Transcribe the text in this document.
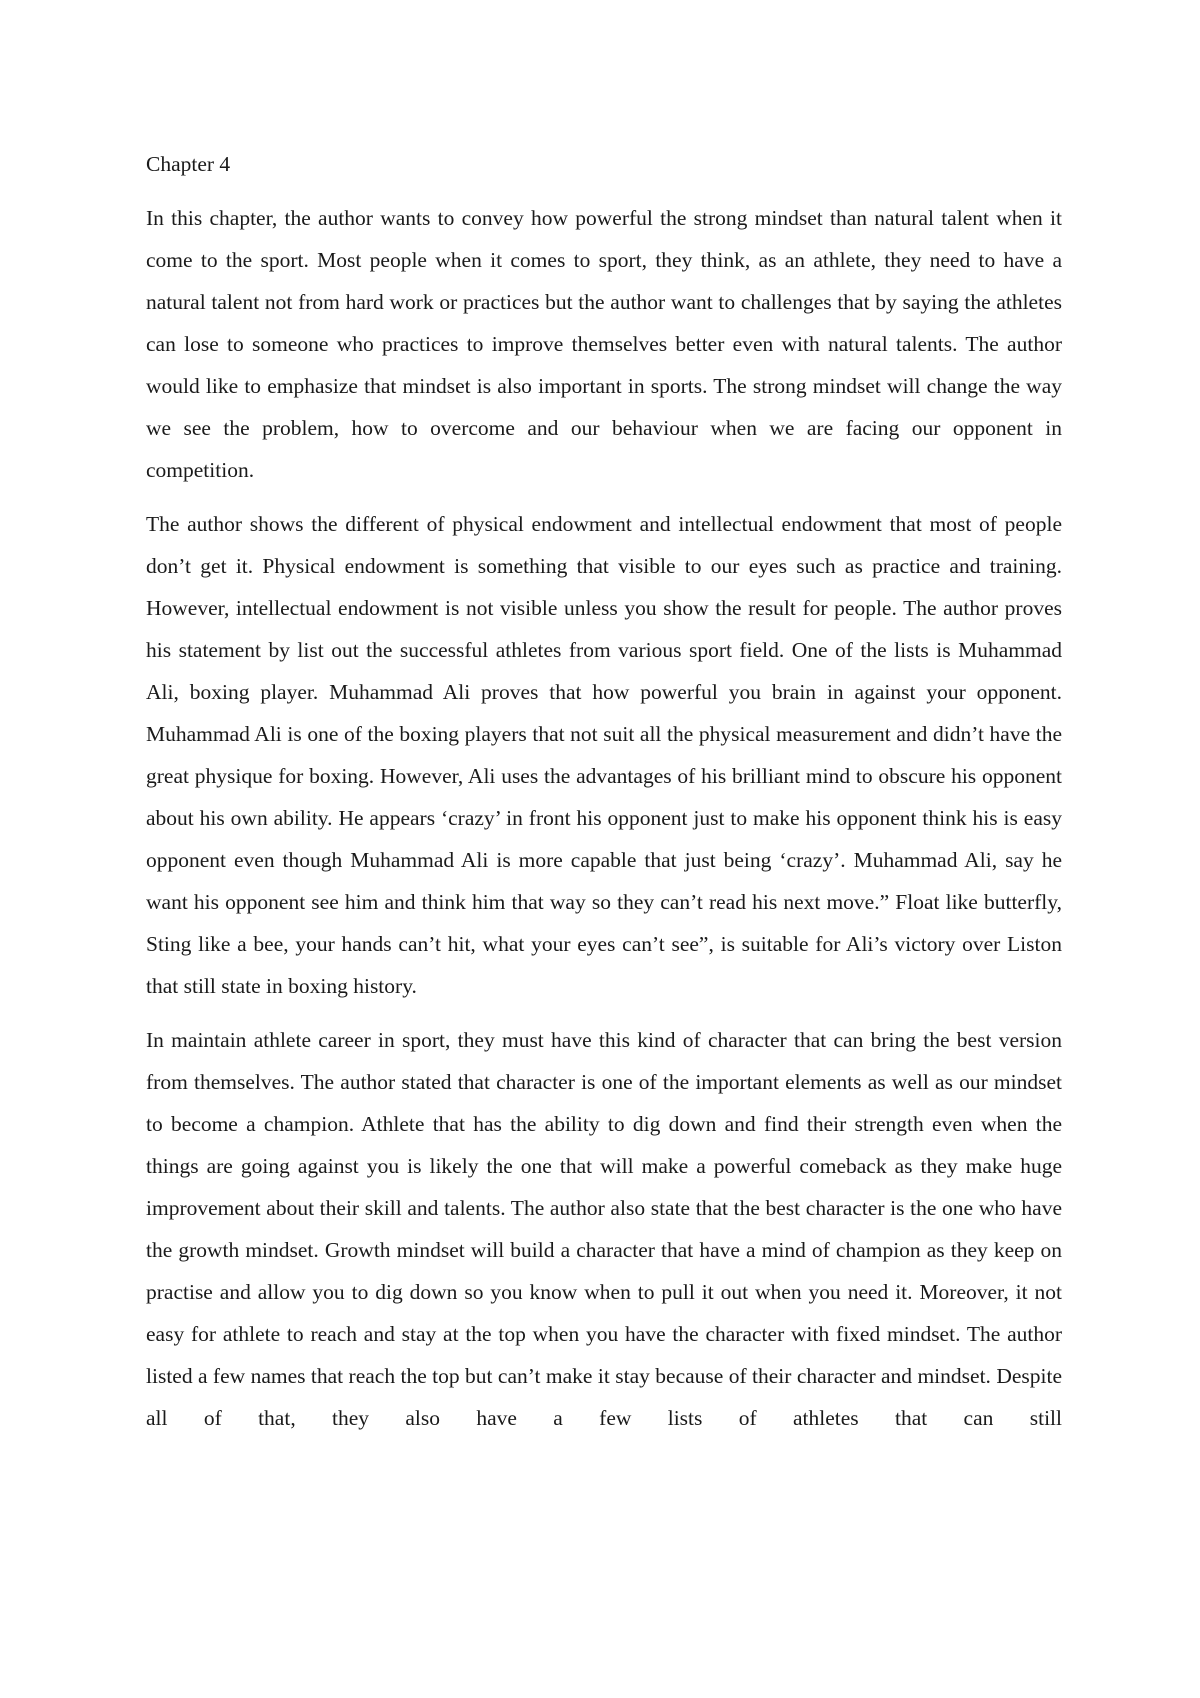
Chapter 4

In this chapter, the author wants to convey how powerful the strong mindset than natural talent when it come to the sport. Most people when it comes to sport, they think, as an athlete, they need to have a natural talent not from hard work or practices but the author want to challenges that by saying the athletes can lose to someone who practices to improve themselves better even with natural talents. The author would like to emphasize that mindset is also important in sports. The strong mindset will change the way we see the problem, how to overcome and our behaviour when we are facing our opponent in competition.

The author shows the different of physical endowment and intellectual endowment that most of people don’t get it. Physical endowment is something that visible to our eyes such as practice and training. However, intellectual endowment is not visible unless you show the result for people. The author proves his statement by list out the successful athletes from various sport field. One of the lists is Muhammad Ali, boxing player. Muhammad Ali proves that how powerful you brain in against your opponent. Muhammad Ali is one of the boxing players that not suit all the physical measurement and didn’t have the great physique for boxing. However, Ali uses the advantages of his brilliant mind to obscure his opponent about his own ability. He appears ‘crazy’ in front his opponent just to make his opponent think his is easy opponent even though Muhammad Ali is more capable that just being ‘crazy’. Muhammad Ali, say he want his opponent see him and think him that way so they can’t read his next move.” Float like butterfly, Sting like a bee, your hands can’t hit, what your eyes can’t see”, is suitable for Ali’s victory over Liston that still state in boxing history.

In maintain athlete career in sport, they must have this kind of character that can bring the best version from themselves. The author stated that character is one of the important elements as well as our mindset to become a champion. Athlete that has the ability to dig down and find their strength even when the things are going against you is likely the one that will make a powerful comeback as they make huge improvement about their skill and talents. The author also state that the best character is the one who have the growth mindset. Growth mindset will build a character that have a mind of champion as they keep on practise and allow you to dig down so you know when to pull it out when you need it. Moreover, it not easy for athlete to reach and stay at the top when you have the character with fixed mindset. The author listed a few names that reach the top but can’t make it stay because of their character and mindset. Despite all of that, they also have a few lists of athletes that can still
